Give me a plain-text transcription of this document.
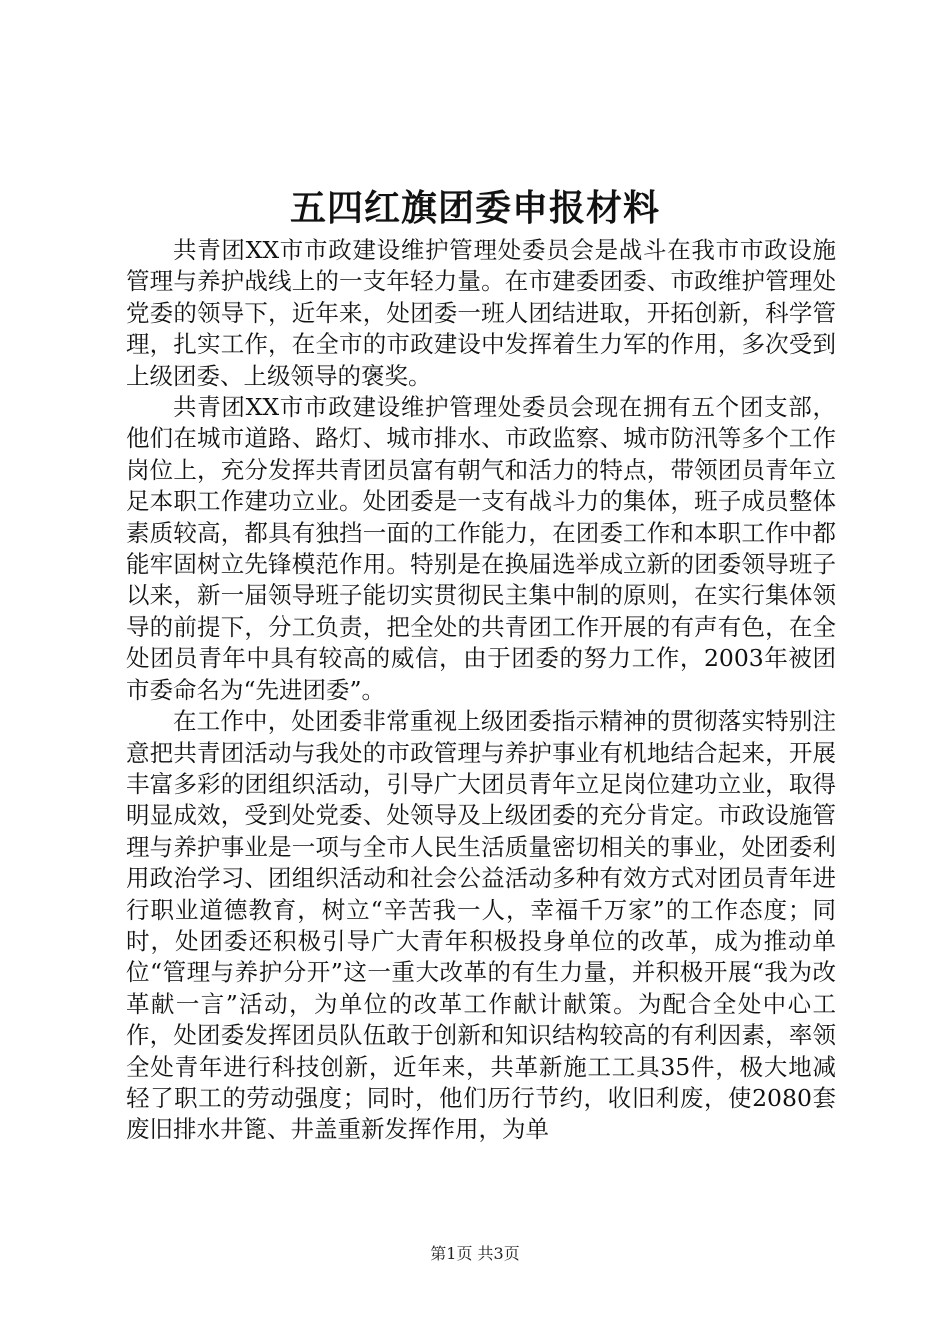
五四红旗团委申报材料

共青团XX市市政建设维护管理处委员会是战斗在我市市政设施管理与养护战线上的一支年轻力量。在市建委团委、市政维护管理处党委的领导下，近年来，处团委一班人团结进取，开拓创新，科学管理，扎实工作，在全市的市政建设中发挥着生力军的作用，多次受到上级团委、上级领导的褒奖。

共青团XX市市政建设维护管理处委员会现在拥有五个团支部，他们在城市道路、路灯、城市排水、市政监察、城市防汛等多个工作岗位上，充分发挥共青团员富有朝气和活力的特点，带领团员青年立足本职工作建功立业。处团委是一支有战斗力的集体，班子成员整体素质较高，都具有独挡一面的工作能力，在团委工作和本职工作中都能牢固树立先锋模范作用。特别是在换届选举成立新的团委领导班子以来，新一届领导班子能切实贯彻民主集中制的原则，在实行集体领导的前提下，分工负责，把全处的共青团工作开展的有声有色，在全处团员青年中具有较高的威信，由于团委的努力工作，2003年被团市委命名为“先进团委”。

在工作中，处团委非常重视上级团委指示精神的贯彻落实特别注意把共青团活动与我处的市政管理与养护事业有机地结合起来，开展丰富多彩的团组织活动，引导广大团员青年立足岗位建功立业，取得明显成效，受到处党委、处领导及上级团委的充分肯定。市政设施管理与养护事业是一项与全市人民生活质量密切相关的事业，处团委利用政治学习、团组织活动和社会公益活动多种有效方式对团员青年进行职业道德教育，树立“辛苦我一人，幸福千万家”的工作态度；同时，处团委还积极引导广大青年积极投身单位的改革，成为推动单位“管理与养护分开”这一重大改革的有生力量，并积极开展“我为改革献一言”活动，为单位的改革工作献计献策。为配合全处中心工作，处团委发挥团员队伍敢于创新和知识结构较高的有利因素，率领全处青年进行科技创新，近年来，共革新施工工具35件，极大地减轻了职工的劳动强度；同时，他们历行节约，收旧利废，使2080套废旧排水井篦、井盖重新发挥作用，为单

第1页 共3页
